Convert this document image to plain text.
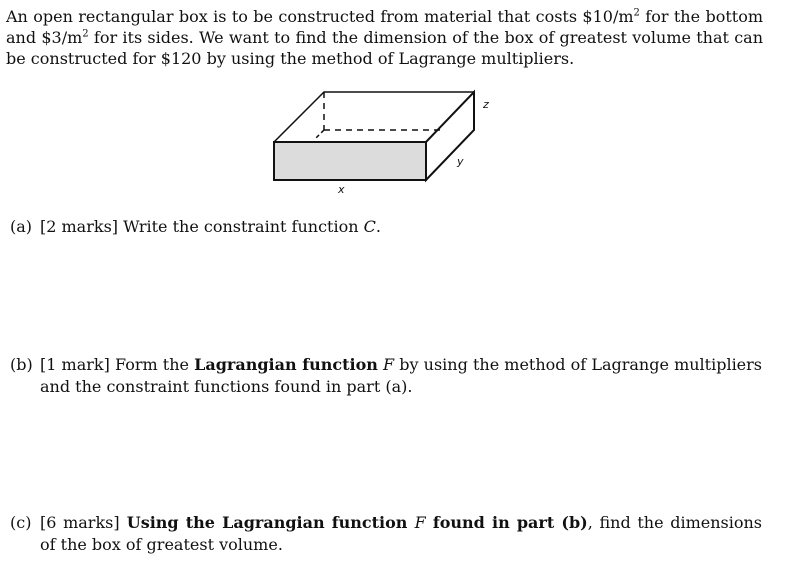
An open rectangular box is to be constructed from material that costs $\$10/m^2$ for the bottom and $\$3/m^2$ for its sides. We want to find the dimension of the box of greatest volume that can be constructed for $120 by using the method of Lagrange multipliers.

x
y
z
(a) [2 marks] Write the constraint function C.
(b) [1 mark] Form the Lagrangian function F by using the method of Lagrange multipliers and the constraint functions found in part (a).
(c) [6 marks] Using the Lagrangian function F found in part (b), find the dimensions of the box of greatest volume.
